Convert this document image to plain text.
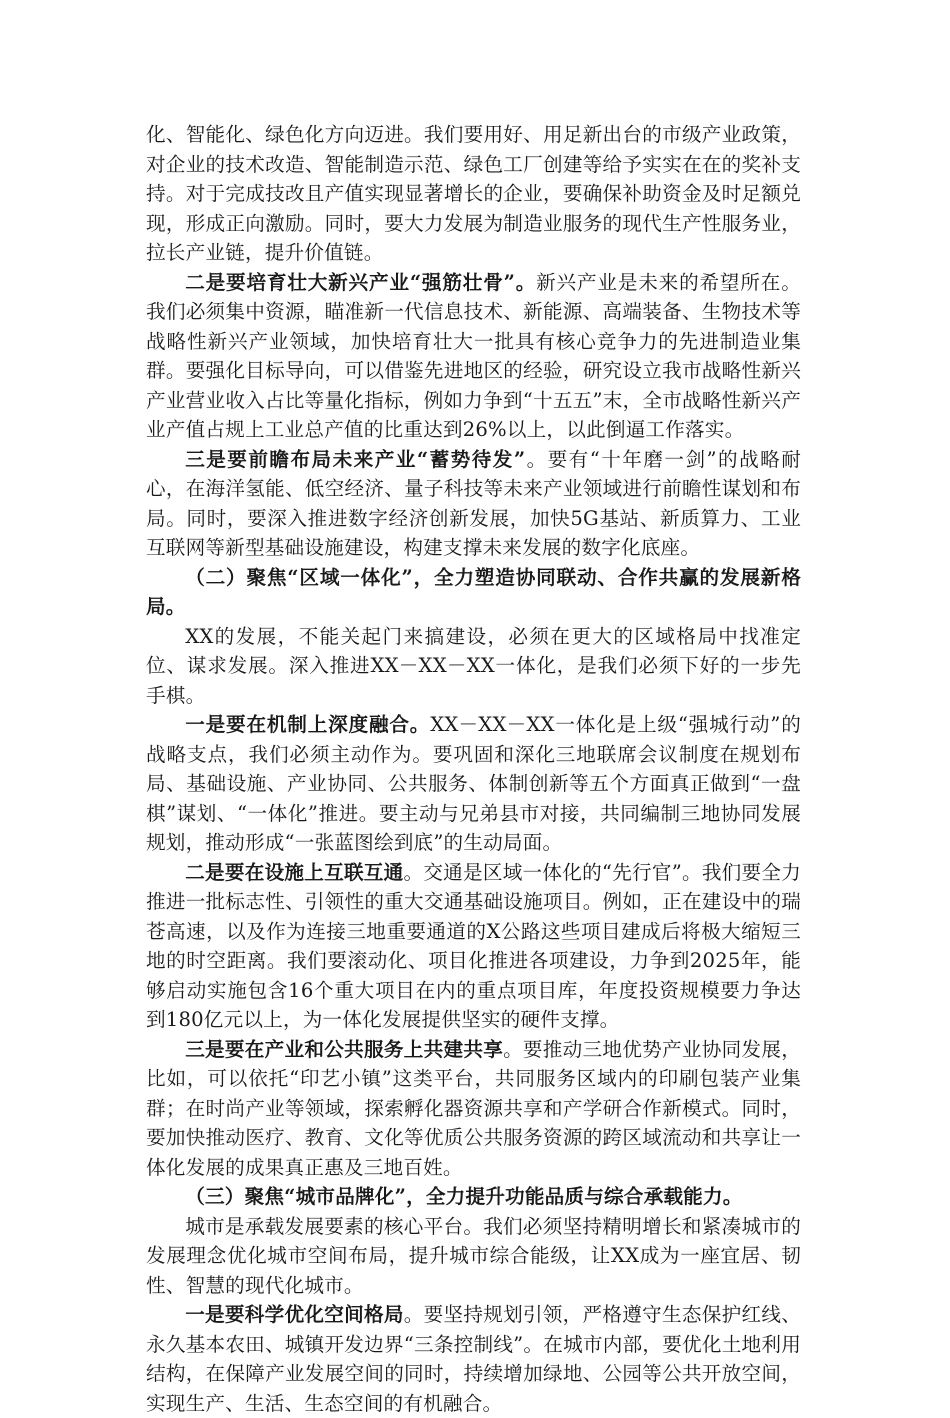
化、智能化、绿色化方向迈进。我们要用好、用足新出台的市级产业政策，对企业的技术改造、智能制造示范、绿色工厂创建等给予实实在在的奖补支持。对于完成技改且产值实现显著增长的企业，要确保补助资金及时足额兑现，形成正向激励。同时，要大力发展为制造业服务的现代生产性服务业，拉长产业链，提升价值链。

二是要培育壮大新兴产业“强筋壮骨”。新兴产业是未来的希望所在。我们必须集中资源，瞄准新一代信息技术、新能源、高端装备、生物技术等战略性新兴产业领域，加快培育壮大一批具有核心竞争力的先进制造业集群。要强化目标导向，可以借鉴先进地区的经验，研究设立我市战略性新兴产业营业收入占比等量化指标，例如力争到“十五五”末，全市战略性新兴产业产值占规上工业总产值的比重达到26%以上，以此倒逼工作落实。

三是要前瞻布局未来产业“蓄势待发”。要有“十年磨一剑”的战略耐心，在海洋氢能、低空经济、量子科技等未来产业领域进行前瞻性谋划和布局。同时，要深入推进数字经济创新发展，加快5G基站、新质算力、工业互联网等新型基础设施建设，构建支撑未来发展的数字化底座。

（二）聚焦“区域一体化”，全力塑造协同联动、合作共赢的发展新格局。

XX的发展，不能关起门来搞建设，必须在更大的区域格局中找准定位、谋求发展。深入推进XX－XX－XX一体化，是我们必须下好的一步先手棋。

一是要在机制上深度融合。XX－XX－XX一体化是上级“强城行动”的战略支点，我们必须主动作为。要巩固和深化三地联席会议制度在规划布局、基础设施、产业协同、公共服务、体制创新等五个方面真正做到“一盘棋”谋划、“一体化”推进。要主动与兄弟县市对接，共同编制三地协同发展规划，推动形成“一张蓝图绘到底”的生动局面。

二是要在设施上互联互通。交通是区域一体化的“先行官”。我们要全力推进一批标志性、引领性的重大交通基础设施项目。例如，正在建设中的瑞苍高速，以及作为连接三地重要通道的X公路这些项目建成后将极大缩短三地的时空距离。我们要滚动化、项目化推进各项建设，力争到2025年，能够启动实施包含16个重大项目在内的重点项目库，年度投资规模要力争达到180亿元以上，为一体化发展提供坚实的硬件支撑。

三是要在产业和公共服务上共建共享。要推动三地优势产业协同发展，比如，可以依托“印艺小镇”这类平台，共同服务区域内的印刷包装产业集群；在时尚产业等领域，探索孵化器资源共享和产学研合作新模式。同时，要加快推动医疗、教育、文化等优质公共服务资源的跨区域流动和共享让一体化发展的成果真正惠及三地百姓。

（三）聚焦“城市品牌化”，全力提升功能品质与综合承载能力。

城市是承载发展要素的核心平台。我们必须坚持精明增长和紧凑城市的发展理念优化城市空间布局，提升城市综合能级，让XX成为一座宜居、韧性、智慧的现代化城市。

一是要科学优化空间格局。要坚持规划引领，严格遵守生态保护红线、永久基本农田、城镇开发边界“三条控制线”。在城市内部，要优化土地利用结构，在保障产业发展空间的同时，持续增加绿地、公园等公共开放空间，实现生产、生活、生态空间的有机融合。
